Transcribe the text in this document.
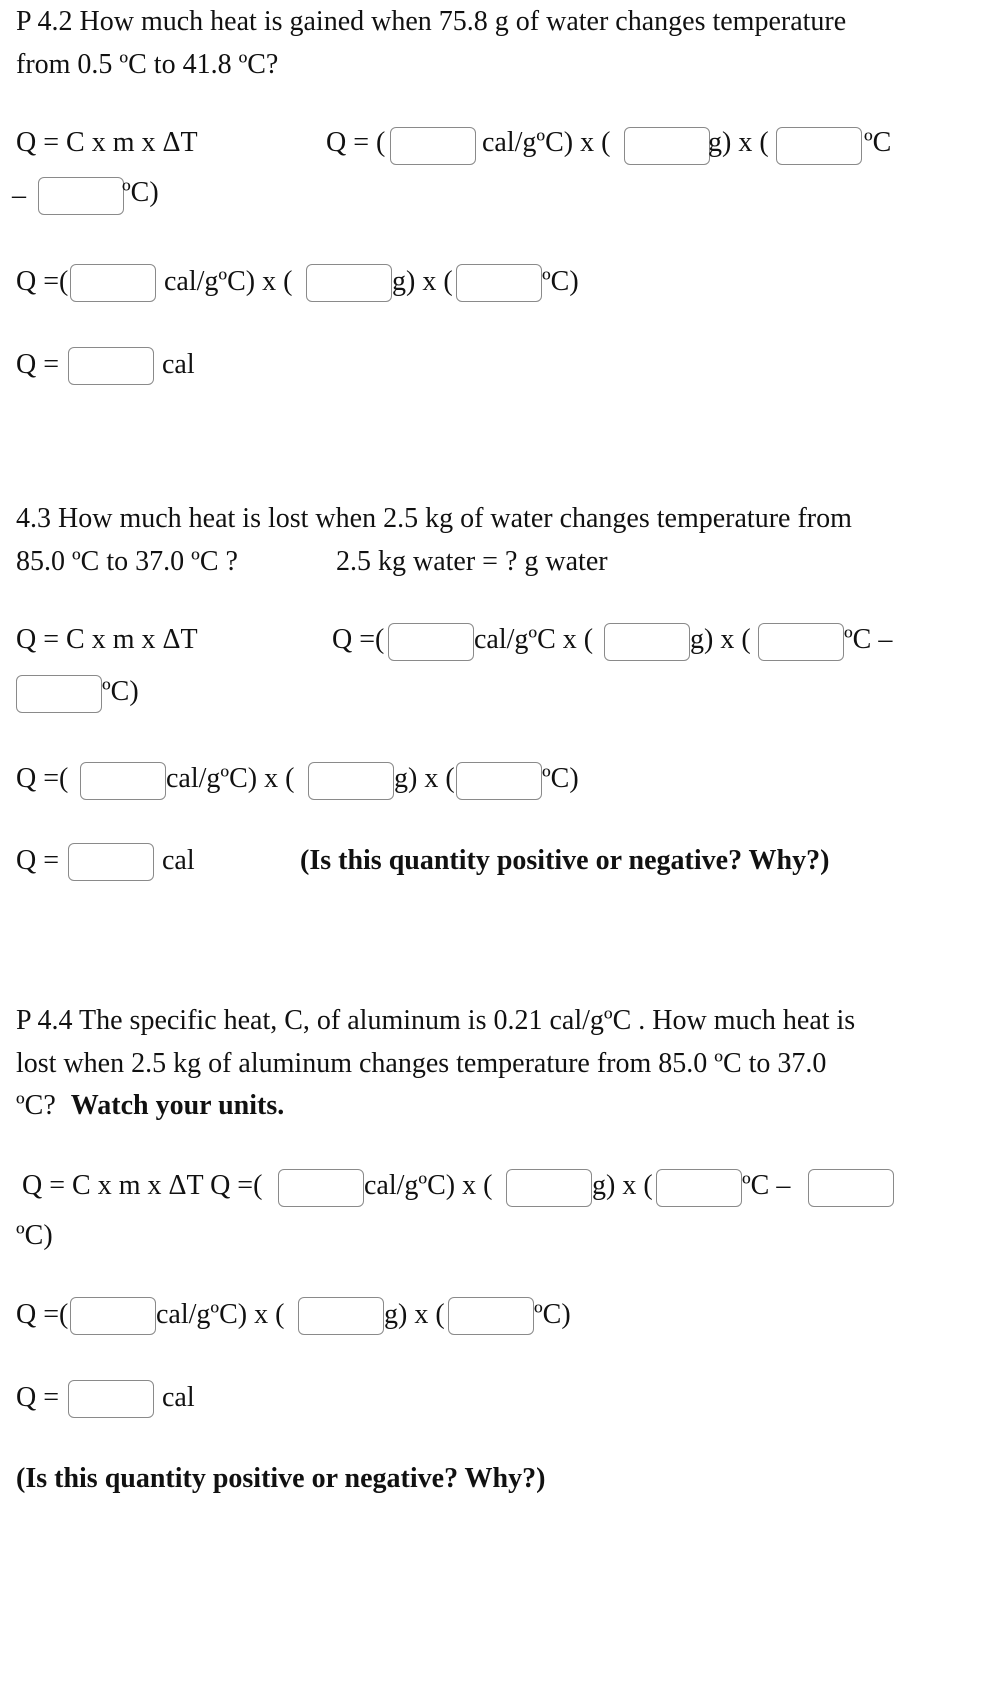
P 4.2 How much heat is gained when 75.8 g of water changes temperature
from 0.5 ºC to 41.8 ºC?
Q = C x m x ΔT	Q = (	cal/gºC) x (	g) x (	ºC
–	ºC)
Q =(	cal/gºC) x (	g) x (	ºC)
Q =	cal
4.3 How much heat is lost when 2.5 kg of water changes temperature from
85.0 ºC to 37.0 ºC ?	2.5 kg water = ? g water
Q = C x m x ΔT	Q =(	cal/gºC x (	g) x (	ºC –
ºC)
Q =(	cal/gºC) x (	g) x (	ºC)
Q =	cal	(Is this quantity positive or negative? Why?)
P 4.4 The specific heat, C, of aluminum is 0.21 cal/gºC . How much heat is
lost when 2.5 kg of aluminum changes temperature from 85.0 ºC to 37.0
ºC? Watch your units.
Q = C x m x ΔT Q =(	cal/gºC) x (	g) x (	ºC –
ºC)
Q =(	cal/gºC) x (	g) x (	ºC)
Q =	cal
(Is this quantity positive or negative? Why?)
